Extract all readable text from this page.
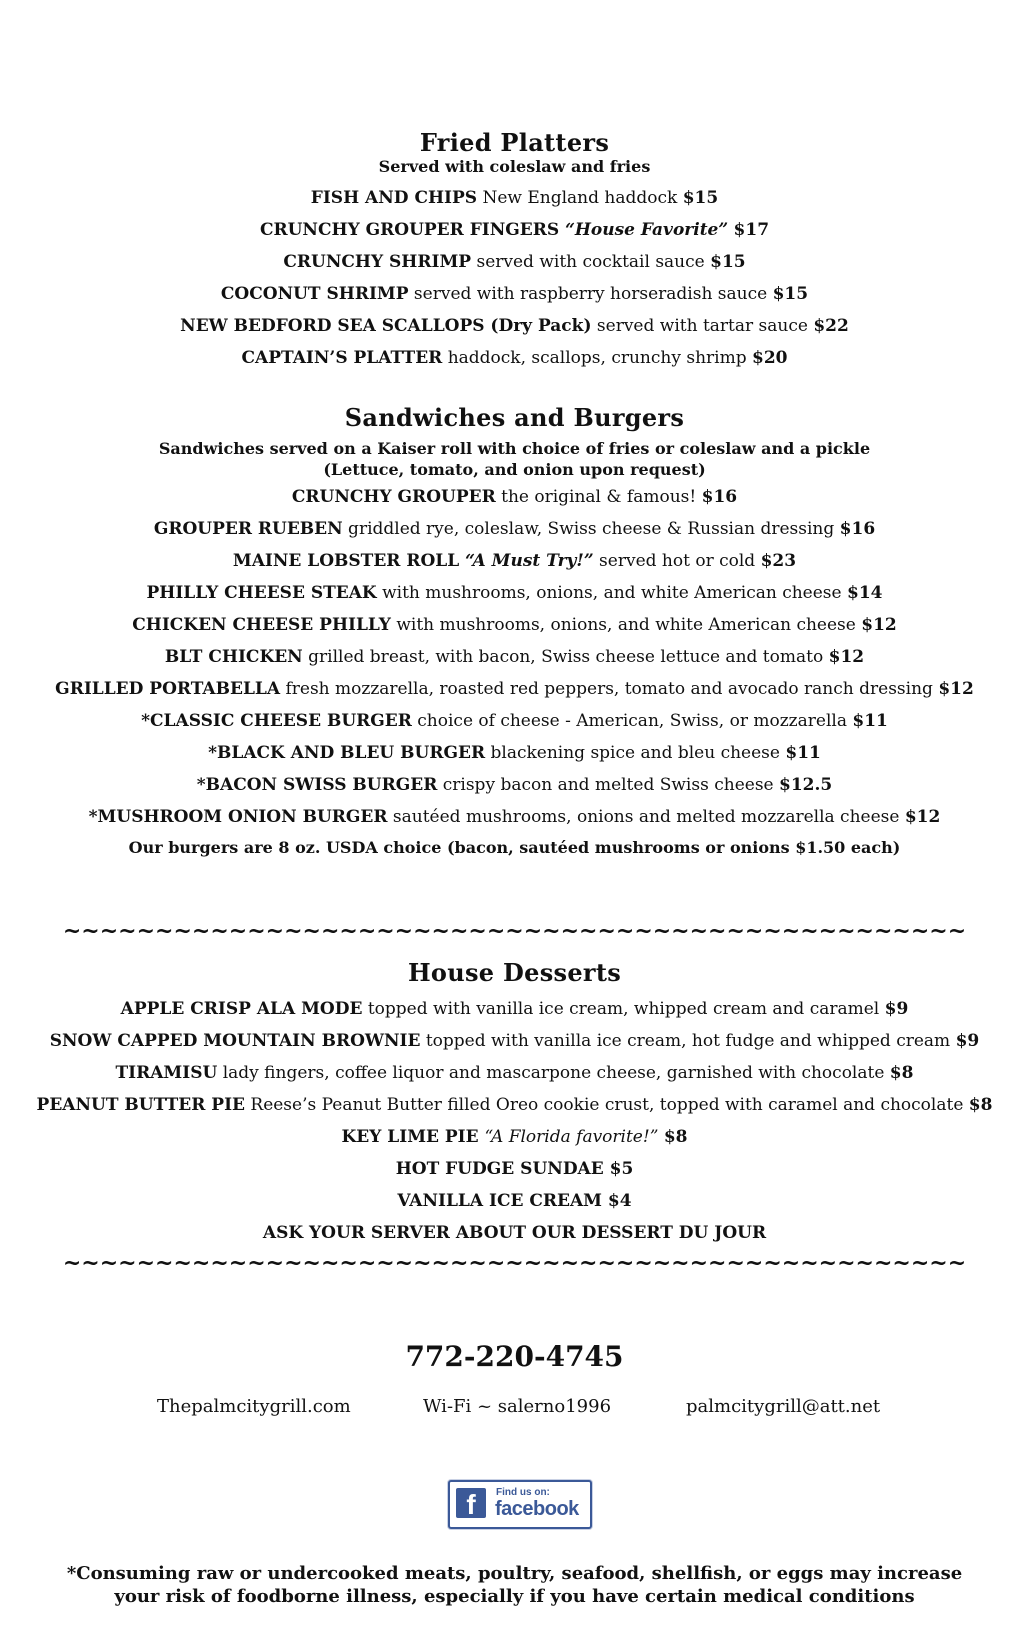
Fried Platters
Served with coleslaw and fries
FISH AND CHIPS New England haddock $15
CRUNCHY GROUPER FINGERS “House Favorite” $17
CRUNCHY SHRIMP served with cocktail sauce $15
COCONUT SHRIMP served with raspberry horseradish sauce $15
NEW BEDFORD SEA SCALLOPS (Dry Pack) served with tartar sauce $22
CAPTAIN’S PLATTER haddock, scallops, crunchy shrimp $20
Sandwiches and Burgers
Sandwiches served on a Kaiser roll with choice of fries or coleslaw and a pickle
(Lettuce, tomato, and onion upon request)
CRUNCHY GROUPER the original & famous! $16
GROUPER RUEBEN griddled rye, coleslaw, Swiss cheese & Russian dressing $16
MAINE LOBSTER ROLL “A Must Try!” served hot or cold $23
PHILLY CHEESE STEAK with mushrooms, onions, and white American cheese $14
CHICKEN CHEESE PHILLY with mushrooms, onions, and white American cheese $12
BLT CHICKEN grilled breast, with bacon, Swiss cheese lettuce and tomato $12
GRILLED PORTABELLA fresh mozzarella, roasted red peppers, tomato and avocado ranch dressing $12
*CLASSIC CHEESE BURGER choice of cheese - American, Swiss, or mozzarella $11
*BLACK AND BLEU BURGER blackening spice and bleu cheese $11
*BACON SWISS BURGER crispy bacon and melted Swiss cheese $12.5
*MUSHROOM ONION BURGER sautéed mushrooms, onions and melted mozzarella cheese $12
Our burgers are 8 oz. USDA choice (bacon, sautéed mushrooms or onions $1.50 each)
~~~~~~~~~~~~~~~~~~~~~~~~~~~~~~~~~~~~~~~~~~~~~~~~~
House Desserts
APPLE CRISP ALA MODE topped with vanilla ice cream, whipped cream and caramel $9
SNOW CAPPED MOUNTAIN BROWNIE topped with vanilla ice cream, hot fudge and whipped cream $9
TIRAMISU lady fingers, coffee liquor and mascarpone cheese, garnished with chocolate $8
PEANUT BUTTER PIE Reese’s Peanut Butter filled Oreo cookie crust, topped with caramel and chocolate $8
KEY LIME PIE “A Florida favorite!” $8
HOT FUDGE SUNDAE $5
VANILLA ICE CREAM $4
ASK YOUR SERVER ABOUT OUR DESSERT DU JOUR
~~~~~~~~~~~~~~~~~~~~~~~~~~~~~~~~~~~~~~~~~~~~~~~~~
772-220-4745
Thepalmcitygrill.com	Wi-Fi ~ salerno1996	palmcitygrill@att.net
f	Find us on:
facebook
*Consuming raw or undercooked meats, poultry, seafood, shellfish, or eggs may increase
your risk of foodborne illness, especially if you have certain medical conditions
